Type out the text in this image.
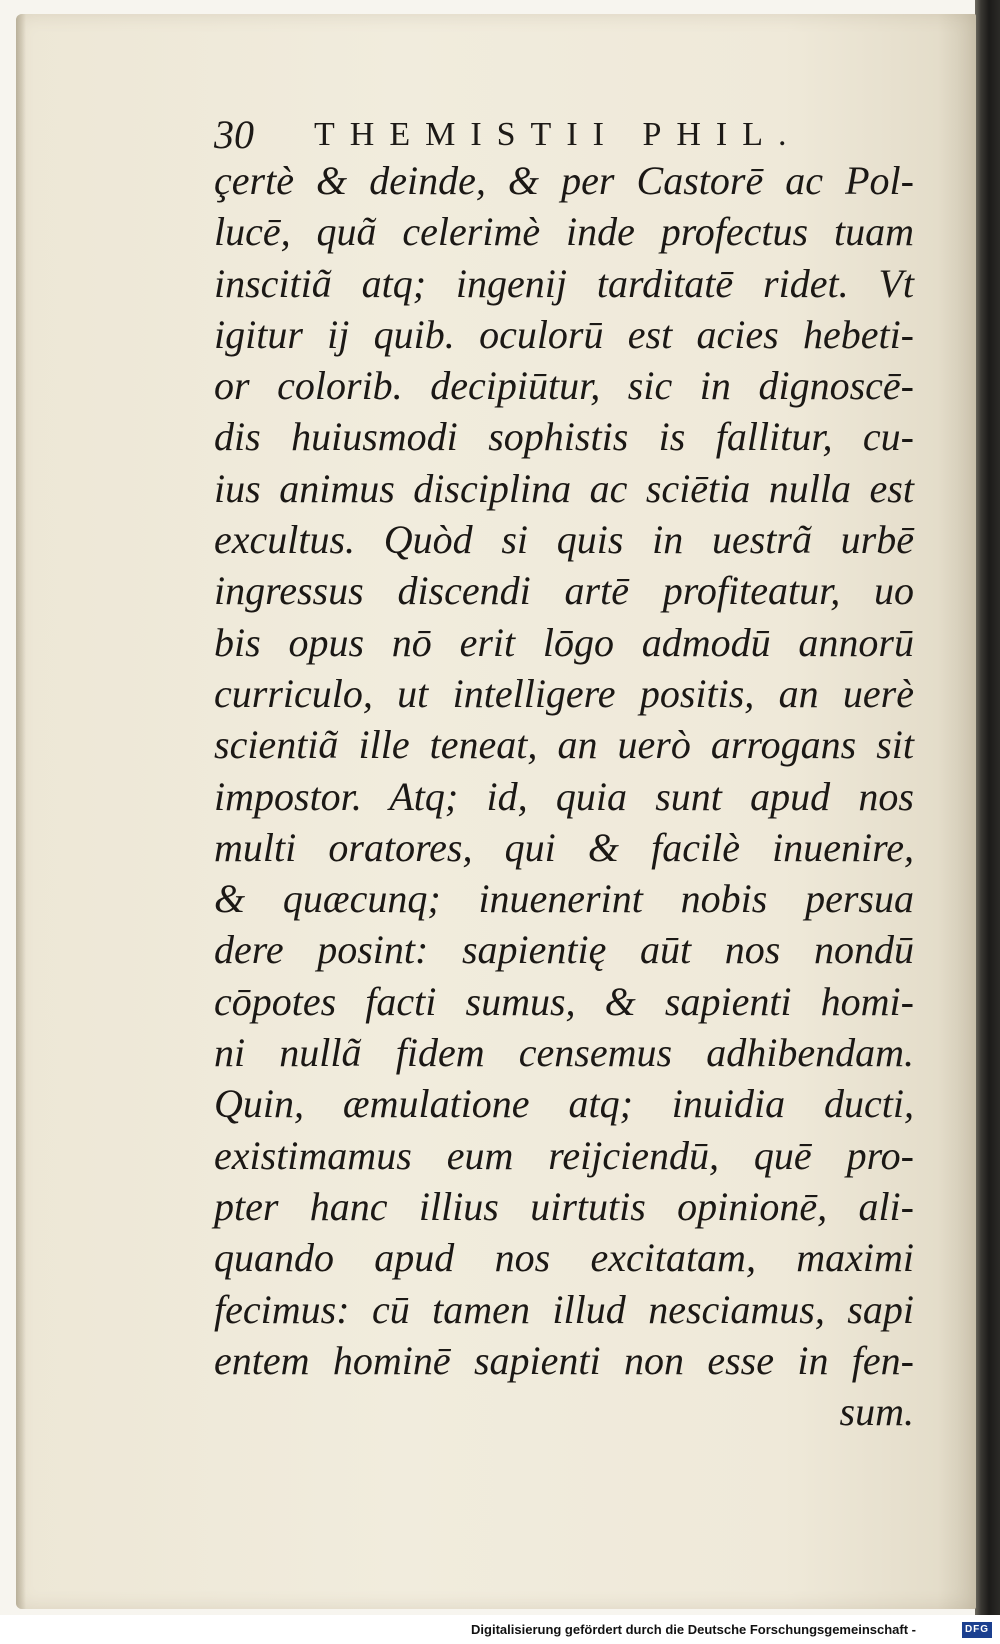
30 THEMISTII PHIL.
çertè & deinde, & per Castorē ac Pol-
lucē, quã celerimè inde profectus tuam
inscitiã atq; ingenij tarditatē ridet. Vt
igitur ij quib. oculorū est acies hebeti-
or colorib. decipiūtur, sic in dignoscē-
dis huiusmodi sophistis is fallitur, cu-
ius animus disciplina ac sciētia nulla est
excultus. Quòd si quis in uestrã urbē
ingressus discendi artē profiteatur, uo
bis opus nō erit lōgo admodū annorū
curriculo, ut intelligere positis, an uerè
scientiã ille teneat, an uerò arrogans sit
impostor. Atq; id, quia sunt apud nos
multi oratores, qui & facilè inuenire,
& quæcunq; inuenerint nobis persua
dere posint: sapientię aūt nos nondū
cōpotes facti sumus, & sapienti homi-
ni nullã fidem censemus adhibendam.
Quin, æmulatione atq; inuidia ducti,
existimamus eum reijciendū, quē pro-
pter hanc illius uirtutis opinionē, ali-
quando apud nos excitatam, maximi
fecimus: cū tamen illud nesciamus, sapi
entem hominē sapienti non esse in fen-
sum.
Digitalisierung gefördert durch die Deutsche Forschungsgemeinschaft -	DFG
